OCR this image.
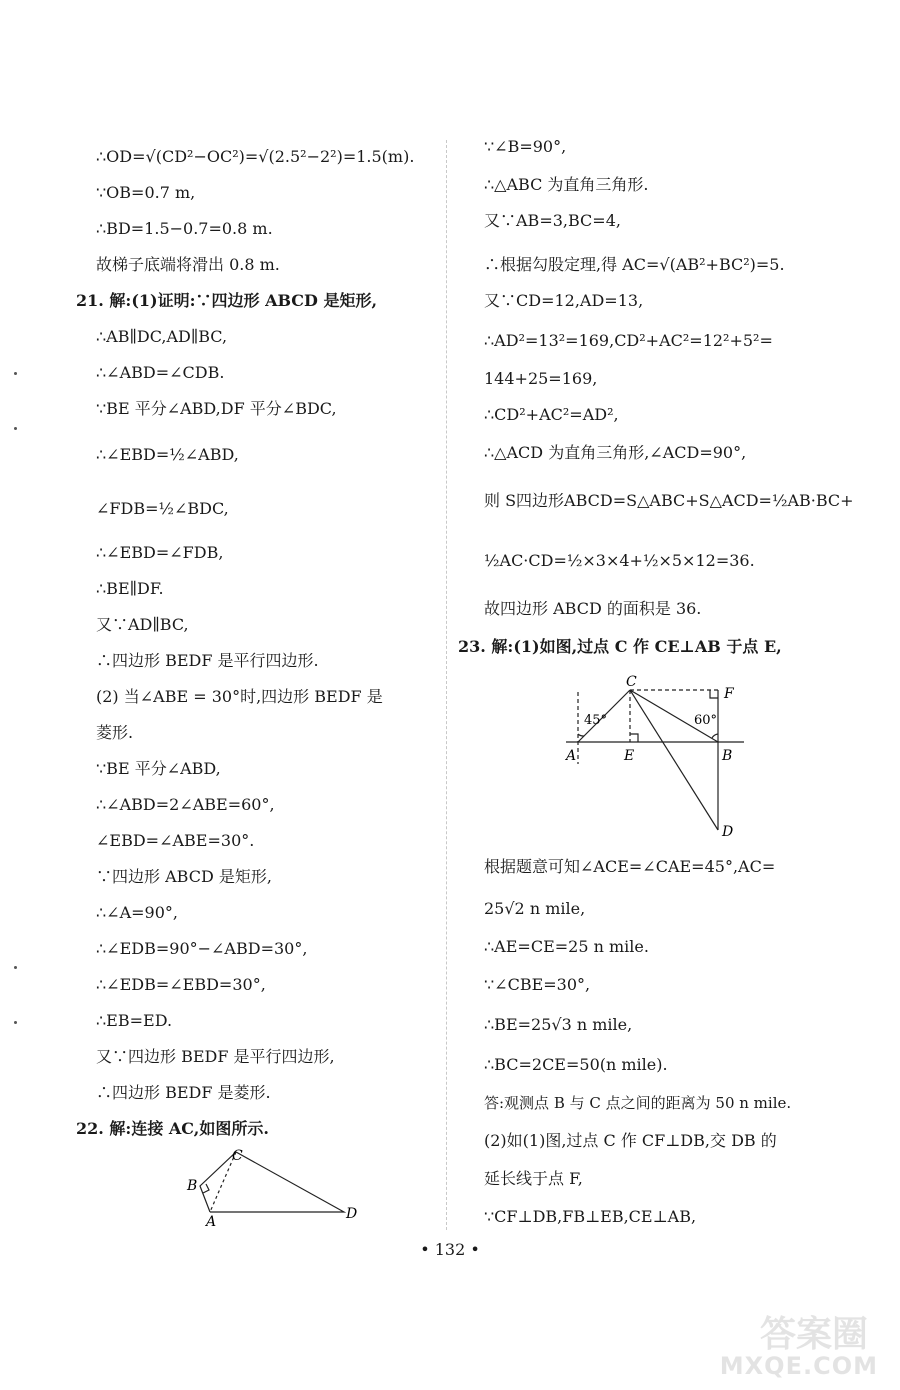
∴OD=√(CD²−OC²)=√(2.5²−2²)=1.5(m).
∵OB=0.7 m,
∴BD=1.5−0.7=0.8 m.
故梯子底端将滑出 0.8 m.
21. 解:(1)证明:∵四边形 ABCD 是矩形,
∴AB∥DC,AD∥BC,
∴∠ABD=∠CDB.
∵BE 平分∠ABD,DF 平分∠BDC,
∴∠EBD=½∠ABD,
∠FDB=½∠BDC,
∴∠EBD=∠FDB,
∴BE∥DF.
又∵AD∥BC,
∴四边形 BEDF 是平行四边形.
(2) 当∠ABE = 30°时,四边形 BEDF 是
菱形.
∵BE 平分∠ABD,
∴∠ABD=2∠ABE=60°,
∠EBD=∠ABE=30°.
∵四边形 ABCD 是矩形,
∴∠A=90°,
∴∠EDB=90°−∠ABD=30°,
∴∠EDB=∠EBD=30°,
∴EB=ED.
又∵四边形 BEDF 是平行四边形,
∴四边形 BEDF 是菱形.
22. 解:连接 AC,如图所示.
C
B
A	D
∵∠B=90°,
∴△ABC 为直角三角形.
又∵AB=3,BC=4,
∴根据勾股定理,得 AC=√(AB²+BC²)=5.
又∵CD=12,AD=13,
∴AD²=13²=169,CD²+AC²=12²+5²=
144+25=169,
∴CD²+AC²=AD²,
∴△ACD 为直角三角形,∠ACD=90°,
则 S四边形ABCD=S△ABC+S△ACD=½AB·BC+
½AC·CD=½×3×4+½×5×12=36.
故四边形 ABCD 的面积是 36.
23. 解:(1)如图,过点 C 作 CE⊥AB 于点 E,
根据题意可知∠ACE=∠CAE=45°,AC=
25√2 n mile,
∴AE=CE=25 n mile.
∵∠CBE=30°,
∴BE=25√3 n mile,
∴BC=2CE=50(n mile).
答:观测点 B 与 C 点之间的距离为 50 n mile.
(2)如(1)图,过点 C 作 CF⊥DB,交 DB 的
延长线于点 F,
∵CF⊥DB,FB⊥EB,CE⊥AB,
C
F
45°	60°
A	E	B
D
• 132 •
答案圈
MXQE.COM
